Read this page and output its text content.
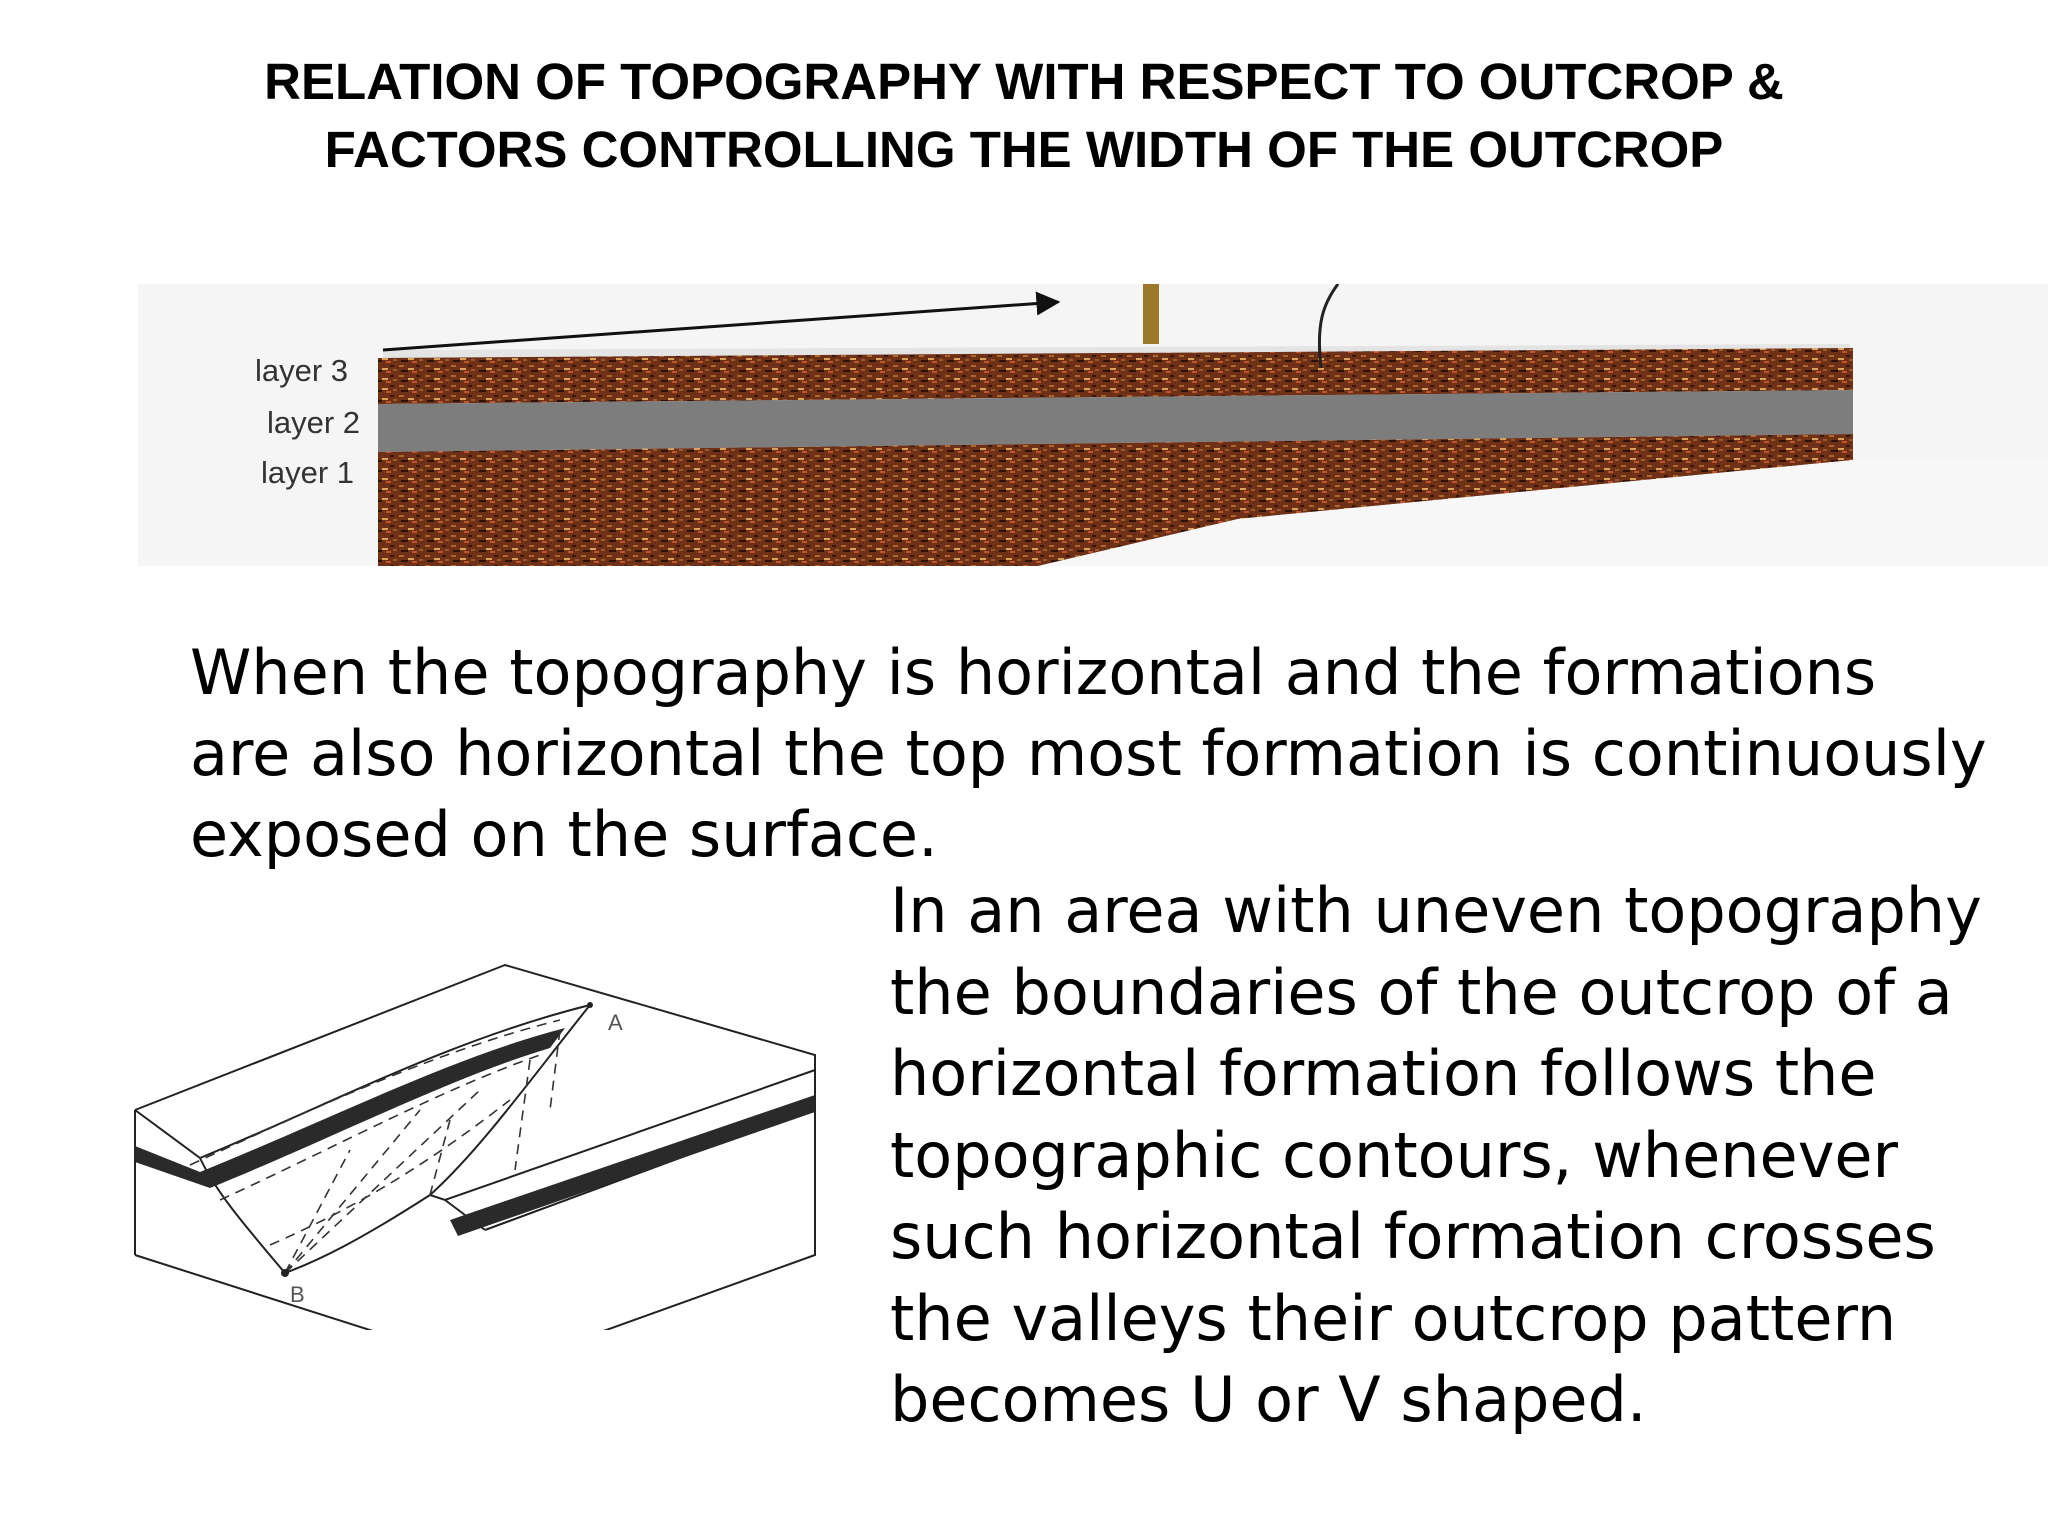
RELATION OF TOPOGRAPHY WITH RESPECT TO OUTCROP &
FACTORS CONTROLLING THE WIDTH OF THE OUTCROP
layer 3
layer 2
layer 1

When the topography is horizontal and the formations are also horizontal the top most formation is continuously exposed on the surface.

A
B

In an area with uneven topography the boundaries of the outcrop of a horizontal formation follows the topographic contours, whenever such horizontal formation crosses the valleys their outcrop pattern becomes U or V shaped.
